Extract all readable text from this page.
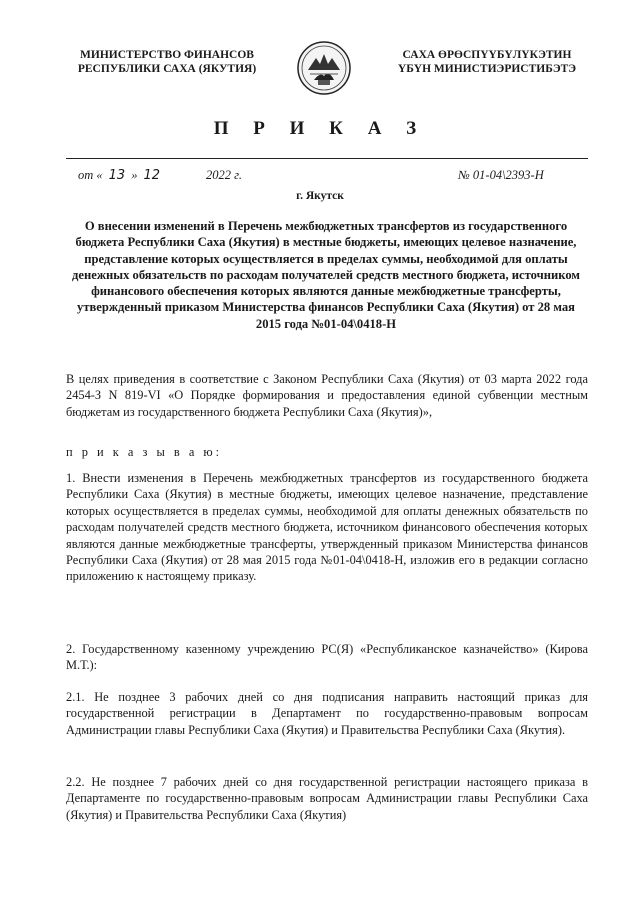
МИНИСТЕРСТВО ФИНАНСОВ
РЕСПУБЛИКИ САХА (ЯКУТИЯ)
САХА ӨРӨСПҮҮБҮЛҮКЭТИН
ҮБҮН МИНИСТИЭРИСТИБЭТЭ
П Р И К А З
от « 13 » 12	2022 г.	№ 01-04\2393-Н
г. Якутск
О внесении изменений в Перечень межбюджетных трансфертов из государственного бюджета Республики Саха (Якутия) в местные бюджеты, имеющих целевое назначение, представление которых осуществляется в пределах суммы, необходимой для оплаты денежных обязательств по расходам получателей средств местного бюджета, источником финансового обеспечения которых являются данные межбюджетные трансферты, утвержденный приказом Министерства финансов Республики Саха (Якутия) от 28 мая 2015 года №01-04\0418-Н
В целях приведения в соответствие с Законом Республики Саха (Якутия) от 03 марта 2022 года 2454-З N 819-VI «О Порядке формирования и предоставления единой субвенции местным бюджетам из государственного бюджета Республики Саха (Якутия)»,
п р и к а з ы в а ю:
1. Внести изменения в Перечень межбюджетных трансфертов из государственного бюджета Республики Саха (Якутия) в местные бюджеты, имеющих целевое назначение, представление которых осуществляется в пределах суммы, необходимой для оплаты денежных обязательств по расходам получателей средств местного бюджета, источником финансового обеспечения которых являются данные межбюджетные трансферты, утвержденный приказом Министерства финансов Республики Саха (Якутия) от 28 мая 2015 года №01-04\0418-Н, изложив его в редакции согласно приложению к настоящему приказу.
2. Государственному казенному учреждению РС(Я) «Республиканское казначейство» (Кирова М.Т.):
2.1. Не позднее 3 рабочих дней со дня подписания направить настоящий приказ для государственной регистрации в Департамент по государственно-правовым вопросам Администрации главы Республики Саха (Якутия) и Правительства Республики Саха (Якутия).
2.2. Не позднее 7 рабочих дней со дня государственной регистрации настоящего приказа в Департаменте по государственно-правовым вопросам Администрации главы Республики Саха (Якутия) и Правительства Республики Саха (Якутия)
